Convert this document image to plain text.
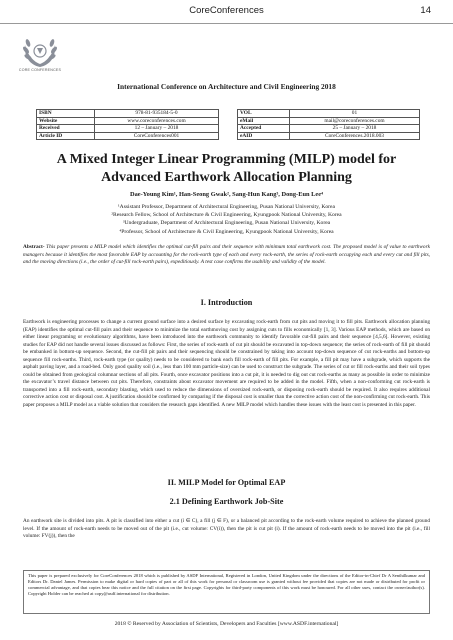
CoreConferences	14
CORE CONFERENCES
International Conference on Architecture and Civil Engineering 2018
ISBN	978-81-935184-5-0		VOL	01
Website	www.coreconferences.com		eMail	mail@coreconferences.com
Received	12 – January – 2018		Accepted	25 – January – 2018
Article ID	CoreConferences001		eAID	CoreConferences.2018.003
A Mixed Integer Linear Programming (MILP) model for
Advanced Earthwork Allocation Planning
Dae-Young Kim¹, Han-Seong Gwak², Sang-Hun Kang³, Dong-Eun Lee⁴
¹Assistant Professor, Department of Architectural Engineering, Pusan National University, Korea
²Research Fellow, School of Architecture & Civil Engineering, Kyungpook National University, Korea
³Undergraduate, Department of Architectural Engineering, Pusan National University, Korea
⁴Professor, School of Architecture & Civil Engineering, Kyungpook National University, Korea

Abstract- This paper presents a MILP model which identifies the optimal cut-fill pairs and their sequence with minimum total earthwork cost. The proposed model is of value to earthwork managers because it identifies the most favorable EAP by accounting for the rock-earth type of each and every rock-earth, the series of rock-earth occupying each and every cut and fill pits, and the moving directions (i.e., the order of cut-fill rock-earth pairs), expeditiously. A test case confirms the usability and validity of the model.

I. Introduction

Earthwork is engineering processes to change a current ground surface into a desired surface by excavating rock-earth from cut pits and moving it to fill pits. Earthwork allocation planning (EAP) identifies the optimal cut-fill pairs and their sequence to minimize the total earthmoving cost by assigning cuts to fills economically [1, 3]. Various EAP methods, which are based on either linear programing or evolutionary algorithms, have been introduced into the earthwork community to identify favorable cut-fill pairs and their sequence [4,5,6]. However, existing studies for EAP did not handle several issues discussed as follows: First, the series of rock-earth of cut pit should be excavated in top-down sequence; the series of rock-earth of fill pit should be embanked in bottom-up sequence. Second, the cut-fill pit pairs and their sequencing should be constrained by taking into account top-down sequence of cut rock-earths and bottom-up sequence fill rock-earths. Third, rock-earth type (or quality) needs to be considered to bank each fill rock-earth of fill pits. For example, a fill pit may have a subgrade, which supports the asphalt paving layer, and a road-bed. Only good quality soil (i.e., less than 100 mm particle-size) can be used to construct the subgrade. The series of cut or fill rock-earths and their soil types could be obtained from geological columnar sections of all pits. Fourth, once excavator positions into a cut pit, it is needed to dig out cut rock-earths as many as possible in order to minimize the excavator’s travel distance between cut pits. Therefore, constraints about excavator movement are required to be added in the model. Fifth, when a non-conforming cut rock-earth is transported into a fill rock-earth, secondary blasting, which used to reduce the dimensions of oversized rock-earth, or disposing rock-earth should be required. It also requires additional corrective action cost or disposal cost. A justification should be confirmed by comparing if the disposal cost is smaller than the corrective action cost of the non-confirming cut rock-earth. This paper proposes a MILP model as a viable solution that considers the research gaps identified. A new MILP model which handles these issues with the least cost is presented in this paper.

II. MILP Model for Optimal EAP
2.1 Defining Earthwork Job-Site

An earthwork site is divided into pits. A pit is classified into either a cut (i ∈ C), a fill (j ∈ F), or a balanced pit according to the rock-earth volume required to achieve the planned ground level. If the amount of rock-earth needs to be moved out of the pit (i.e., cut volume: CV(i)), then the pit is cut pit (i). If the amount of rock-earth needs to be moved into the pit (i.e., fill volume: FV(j)), then the

This paper is prepared exclusively for CoreConferences 2018 which is published by ASDF International, Registered in London, United Kingdom under the directions of the Editor-in-Chief Dr A Senthilkumar and Editors Dr. Daniel James. Permission to make digital or hard copies of part or all of this work for personal or classroom use is granted without fee provided that copies are not made or distributed for profit or commercial advantage, and that copies bear this notice and the full citation on the first page. Copyrights for third-party components of this work must be honoured. For all other uses, contact the owner/author(s). Copyright Holder can be reached at copy@asdf.international for distribution.
2018 © Reserved by Association of Scientists, Developers and Faculties [www.ASDF.international]
